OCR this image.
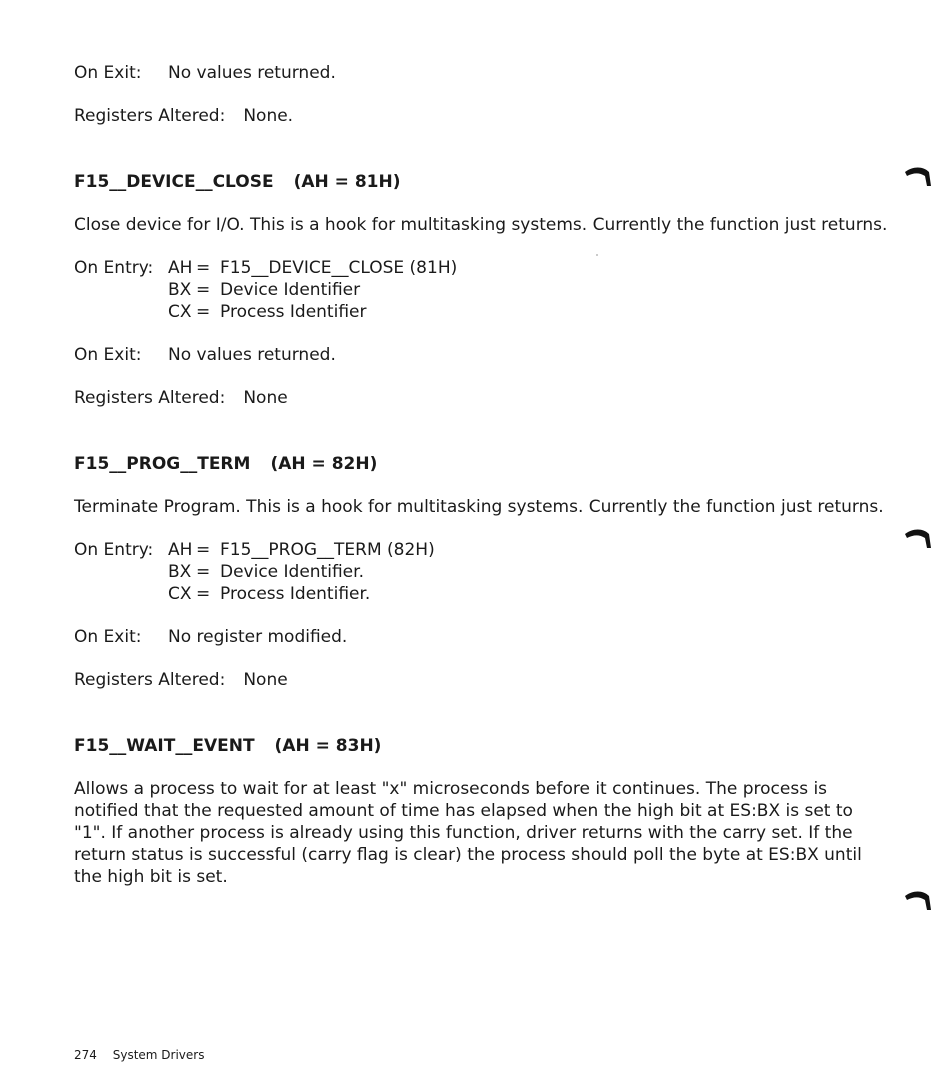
On Exit:	No values returned.
Registers Altered: None.
F15__DEVICE__CLOSE (AH = 81H)

Close device for I/O. This is a hook for multitasking systems. Currently the function just returns.

On Entry: AH = F15__DEVICE__CLOSE (81H)
BX = Device Identifier
CX = Process Identifier
On Exit:	No values returned.
Registers Altered: None
F15__PROG__TERM (AH = 82H)

Terminate Program. This is a hook for multitasking systems. Currently the function just returns.

On Entry: AH = F15__PROG__TERM (82H)
BX = Device Identifier.
CX = Process Identifier.
On Exit:	No register modified.
Registers Altered: None
F15__WAIT__EVENT (AH = 83H)

Allows a process to wait for at least "x" microseconds before it continues. The process is notified that the requested amount of time has elapsed when the high bit at ES:BX is set to "1". If another process is already using this function, driver returns with the carry set. If the return status is successful (carry flag is clear) the process should poll the byte at ES:BX until the high bit is set.

274 System Drivers
